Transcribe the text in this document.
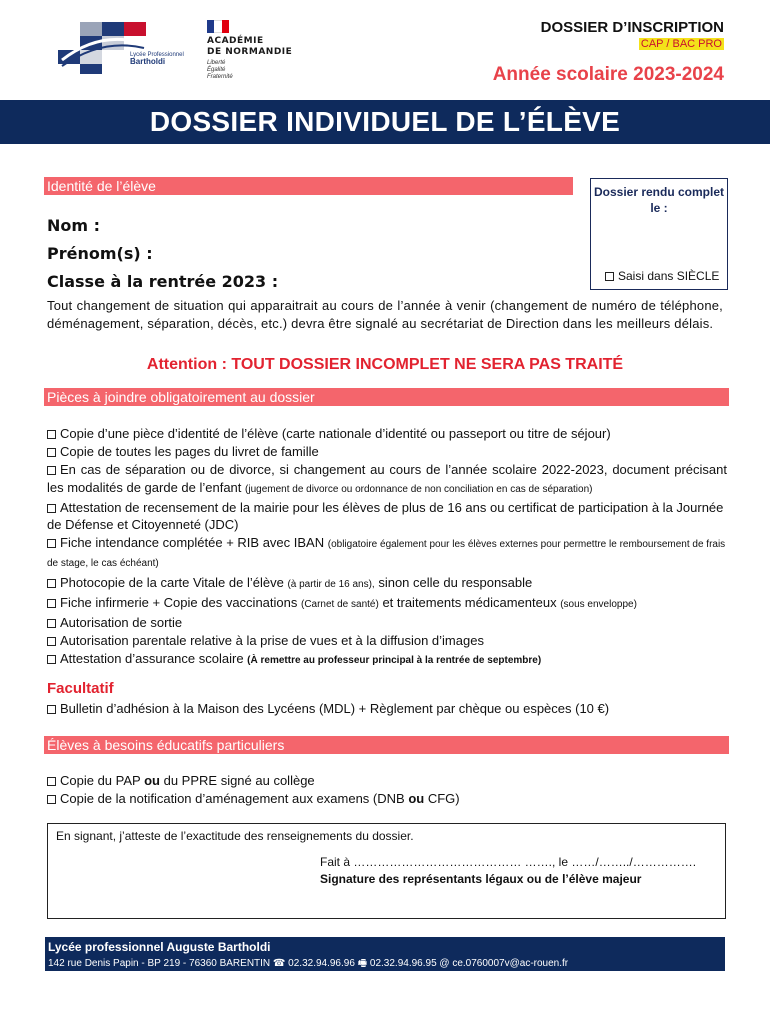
Lycée Professionnel
Bartholdi
ACADÉMIE
DE NORMANDIE
Liberté
Égalité
Fraternité
DOSSIER D’INSCRIPTION
CAP / BAC PRO
Année scolaire 2023-2024
DOSSIER INDIVIDUEL DE L’ÉLÈVE
Identité de l’élève	Dossier rendu complet le :
Saisi dans SIÈCLE
Nom :
Prénom(s) :
Classe à la rentrée 2023 :
Tout changement de situation qui apparaitrait au cours de l’année à venir (changement de numéro de téléphone, déménagement, séparation, décès, etc.) devra être signalé au secrétariat de Direction dans les meilleurs délais.
Attention : TOUT DOSSIER INCOMPLET NE SERA PAS TRAITÉ
Pièces à joindre obligatoirement au dossier
Copie d’une pièce d’identité de l’élève (carte nationale d’identité ou passeport ou titre de séjour)
Copie de toutes les pages du livret de famille
En cas de séparation ou de divorce, si changement au cours de l’année scolaire 2022-2023, document précisant les modalités de garde de l’enfant (jugement de divorce ou ordonnance de non conciliation en cas de séparation)
Attestation de recensement de la mairie pour les élèves de plus de 16 ans ou certificat de participation à la Journée de Défense et Citoyenneté (JDC)
Fiche intendance complétée + RIB avec IBAN (obligatoire également pour les élèves externes pour permettre le remboursement de frais de stage, le cas échéant)
Photocopie de la carte Vitale de l’élève (à partir de 16 ans), sinon celle du responsable
Fiche infirmerie + Copie des vaccinations (Carnet de santé) et traitements médicamenteux (sous enveloppe)
Autorisation de sortie
Autorisation parentale relative à la prise de vues et à la diffusion d’images
Attestation d’assurance scolaire (À remettre au professeur principal à la rentrée de septembre)
Facultatif
Bulletin d’adhésion à la Maison des Lycéens (MDL) + Règlement par chèque ou espèces (10 €)
Élèves à besoins éducatifs particuliers
Copie du PAP ou du PPRE signé au collège
Copie de la notification d’aménagement aux examens (DNB ou CFG)
En signant, j’atteste de l’exactitude des renseignements du dossier.
Fait à …………………………………… ……., le ……/……../…………….
Signature des représentants légaux ou de l’élève majeur
Lycée professionnel Auguste Bartholdi
142 rue Denis Papin - BP 219 - 76360 BARENTIN ☎ 02.32.94.96.96 🖷 02.32.94.96.95 @ ce.0760007v@ac-rouen.fr
